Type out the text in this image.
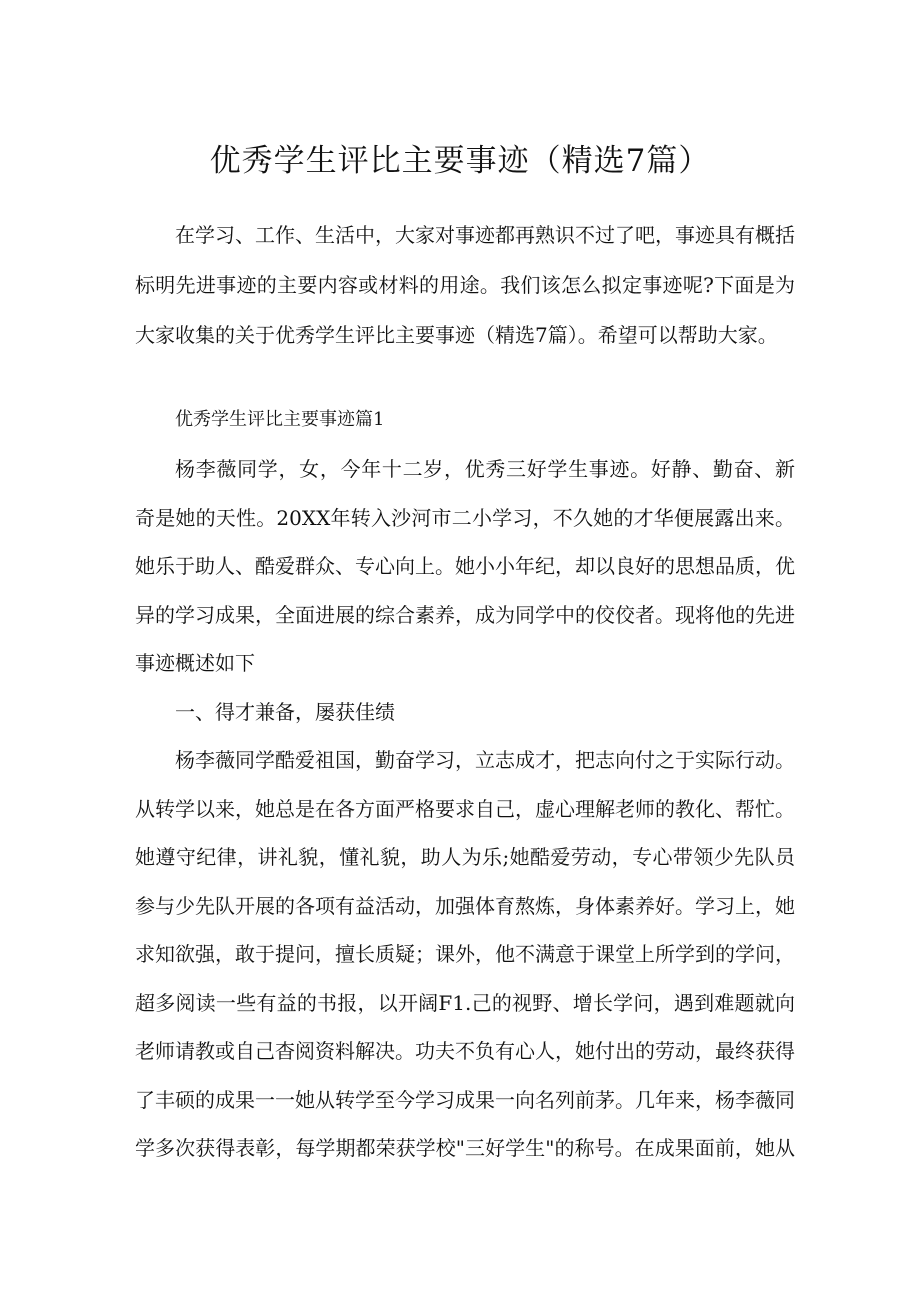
优秀学生评比主要事迹（精选7篇）
在学习、工作、生活中，大家对事迹都再熟识不过了吧，事迹具有概括
标明先进事迹的主要内容或材料的用途。我们该怎么拟定事迹呢?下面是为
大家收集的关于优秀学生评比主要事迹（精选7篇）。希望可以帮助大家。
优秀学生评比主要事迹篇1
杨李薇同学，女，今年十二岁，优秀三好学生事迹。好静、勤奋、新
奇是她的天性。20XX年转入沙河市二小学习，不久她的才华便展露出来。
她乐于助人、酷爱群众、专心向上。她小小年纪，却以良好的思想品质，优
异的学习成果，全面进展的综合素养，成为同学中的佼佼者。现将他的先进
事迹概述如下
一、得才兼备，屡获佳绩
杨李薇同学酷爱祖国，勤奋学习，立志成才，把志向付之于实际行动。
从转学以来，她总是在各方面严格要求自己，虚心理解老师的教化、帮忙。
她遵守纪律，讲礼貌，懂礼貌，助人为乐;她酷爱劳动，专心带领少先队员
参与少先队开展的各项有益活动，加强体育熬炼，身体素养好。学习上，她
求知欲强，敢于提问，擅长质疑；课外，他不满意于课堂上所学到的学问，
超多阅读一些有益的书报，以开阔F1.己的视野、增长学问，遇到难题就向
老师请教或自己杳阅资料解决。功夫不负有心人，她付出的劳动，最终获得
了丰硕的成果一一她从转学至今学习成果一向名列前茅。几年来，杨李薇同
学多次获得表彰，每学期都荣获学校"三好学生"的称号。在成果面前，她从
